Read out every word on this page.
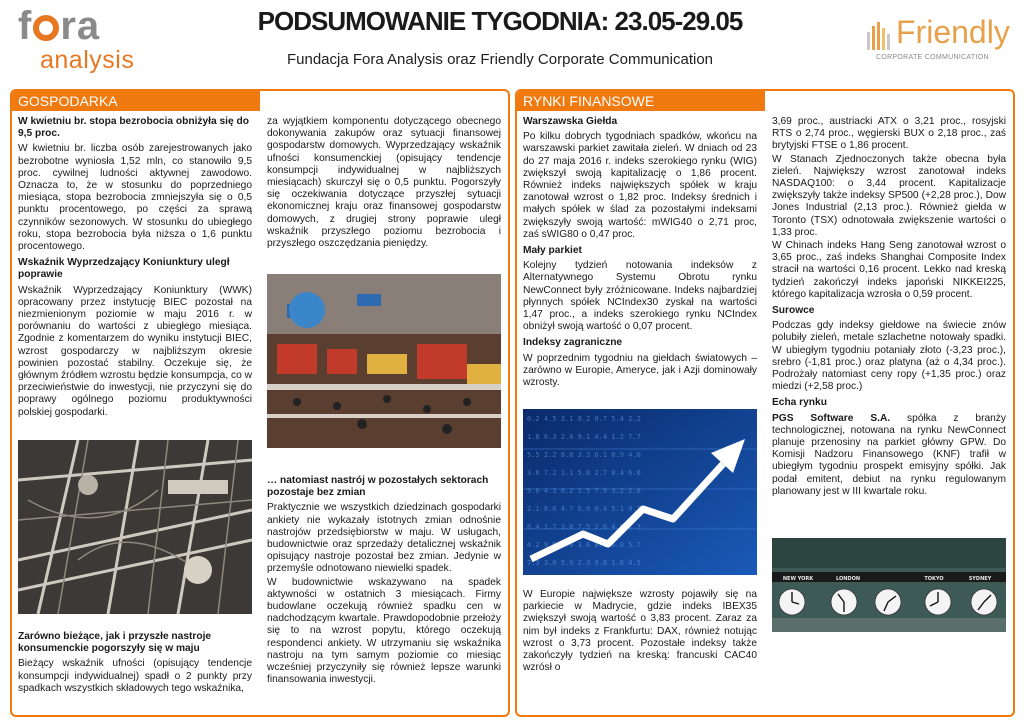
f ra
analysis
PODSUMOWANIE TYGODNIA: 23.05-29.05
Fundacja Fora Analysis oraz Friendly Corporate Communication
Friendly
CORPORATE COMMUNICATION
GOSPODARKA
W kwietniu br. stopa bezrobocia obniżyła się do 9,5 proc.

W kwietniu br. liczba osób zarejestrowanych jako bezrobotne wyniosła 1,52 mln, co stanowiło 9,5 proc. cywilnej ludności aktywnej zawodowo. Oznacza to, że w stosunku do poprzedniego miesiąca, stopa bezrobocia zmniejszyła się o 0,5 punktu procentowego, po części za sprawą czynników sezonowych. W stosunku do ubiegłego roku, stopa bezrobocia była niższa o 1,6 punktu procentowego.

Wskaźnik Wyprzedzający Koniunktury uległ poprawie

Wskaźnik Wyprzedzający Koniunktury (WWK) opracowany przez instytucję BIEC pozostał na niezmienionym poziomie w maju 2016 r. w porównaniu do wartości z ubiegłego miesiąca. Zgodnie z komentarzem do wyniku instytucji BIEC, wzrost gospodarczy w najbliższym okresie powinien pozostać stabilny. Oczekuje się, że głównym źródłem wzrostu będzie konsumpcja, co w przeciwieństwie do inwestycji, nie przyczyni się do poprawy ogólnego poziomu produktywności polskiej gospodarki.

Zarówno bieżące, jak i przyszłe nastroje konsumenckie pogorszyły się w maju

Bieżący wskaźnik ufności (opisujący tendencje konsumpcji indywidualnej) spadł o 2 punkty przy spadkach wszystkich składowych tego wskaźnika,

za wyjątkiem komponentu dotyczącego obecnego dokonywania zakupów oraz sytuacji finansowej gospodarstw domowych. Wyprzedzający wskaźnik ufności konsumenckiej (opisujący tendencje konsumpcji indywidualnej w najbliższych miesiącach) skurczył się o 0,5 punktu. Pogorszyły się oczekiwania dotyczące przyszłej sytuacji ekonomicznej kraju oraz finansowej gospodarstw domowych, z drugiej strony poprawie uległ wskaźnik przyszłego poziomu bezrobocia i przyszłego oszczędzania pieniędzy.

… natomiast nastrój w pozostałych sektorach pozostaje bez zmian

Praktycznie we wszystkich dziedzinach gospodarki ankiety nie wykazały istotnych zmian odnośnie nastrojów przedsiębiorstw w maju. W usługach, budownictwie oraz sprzedaży detalicznej wskaźnik opisujący nastroje pozostał bez zmian. Jedynie w przemyśle odnotowano niewielki spadek.

W budownictwie wskazywano na spadek aktywności w ostatnich 3 miesiącach. Firmy budowlane oczekują również spadku cen w nadchodzącym kwartale. Prawdopodobnie przełoży się to na wzrost popytu, którego oczekują respondenci ankiety. W utrzymaniu się wskaźnika nastroju na tym samym poziomie co miesiąc wcześniej przyczyniły się również lepsze warunki finansowania inwestycji.

RYNKI FINANSOWE
Warszawska Giełda

Po kilku dobrych tygodniach spadków, wkońcu na warszawski parkiet zawitała zieleń. W dniach od 23 do 27 maja 2016 r. indeks szerokiego rynku (WIG) zwiększył swoją kapitalizację o 1,86 procent. Również indeks największych spółek w kraju zanotował wzrost o 1,82 proc. Indeksy średnich i małych spółek w ślad za pozostałymi indeksami zwiększyły swoją wartość: mWIG40 o 2,71 proc, zaś sWIG80 o 0,47 proc.

Mały parkiet

Kolejny tydzień notowania indeksów z Alternatywnego Systemu Obrotu rynku NewConnect były zróżnicowane. Indeks najbardziej płynnych spółek NCIndex30 zyskał na wartości 1,47 proc., a indeks szerokiego rynku NCIndex obniżył swoją wartość o 0,07 procent.

Indeksy zagraniczne

W poprzednim tygodniu na giełdach światowych – zarówno w Europie, Ameryce, jak i Azji dominowały wzrosty.

0.2 4.5 3.1 8.2 0.7 5.4 2.2
1.8 6.3 2.4 9.1 4.4 1.2 7.7
5.5 2.2 8.8 3.3 6.1 0.9 4.0
3.6 7.2 1.1 5.8 2.7 8.4 6.6
9.0 4.3 6.2 1.5 7.9 3.2 2.8
2.1 8.6 4.7 6.9 0.4 5.1 9.3
6.4 1.7 3.8 7.5 2.6 4.9 1.3
4.2 9.5 0.8 3.6 8.1 6.0 5.7
7.3 3.0 5.9 2.3 9.8 1.6 4.5

W Europie największe wzrosty pojawiły się na parkiecie w Madrycie, gdzie indeks IBEX35 zwiększył swoją wartość o 3,83 procent. Zaraz za nim był indeks z Frankfurtu: DAX, również notując wzrost o 3,73 procent. Pozostałe indeksy także zakończyły tydzień na kreską: francuski CAC40 wzrósł o

3,69 proc., austriacki ATX o 3,21 proc., rosyjski RTS o 2,74 proc., węgierski BUX o 2,18 proc., zaś brytyjski FTSE o 1,86 procent.

W Stanach Zjednoczonych także obecna była zieleń. Największy wzrost zanotował indeks NASDAQ100: o 3,44 procent. Kapitalizacje zwiększyły także indeksy SP500 (+2,28 proc.), Dow Jones Industrial (2,13 proc.). Również giełda w Toronto (TSX) odnotowała zwiększenie wartości o 1,33 proc.

W Chinach indeks Hang Seng zanotował wzrost o 3,65 proc., zaś indeks Shanghai Composite Index stracił na wartości 0,16 procent. Lekko nad kreską tydzień zakończył indeks japoński NIKKEI225, którego kapitalizacja wzrosła o 0,59 procent.

Surowce

Podczas gdy indeksy giełdowe na świecie znów polubiły zieleń, metale szlachetne notowały spadki. W ubiegłym tygodniu potaniały złoto (-3,23 proc.), srebro (-1,81 proc.) oraz platyna (aż o 4,34 proc.). Podrożały natomiast ceny ropy (+1,35 proc.) oraz miedzi (+2,58 proc.)

Echa rynku

PGS Software S.A. spółka z branży technologicznej, notowana na rynku NewConnect planuje przenosiny na parkiet główny GPW. Do Komisji Nadzoru Finansowego (KNF) trafił w ubiegłym tygodniu prospekt emisyjny spółki. Jak podał emitent, debiut na rynku regulowanym planowany jest w III kwartale roku.

NEW YORK	LONDON	TOKYO	SYDNEY
